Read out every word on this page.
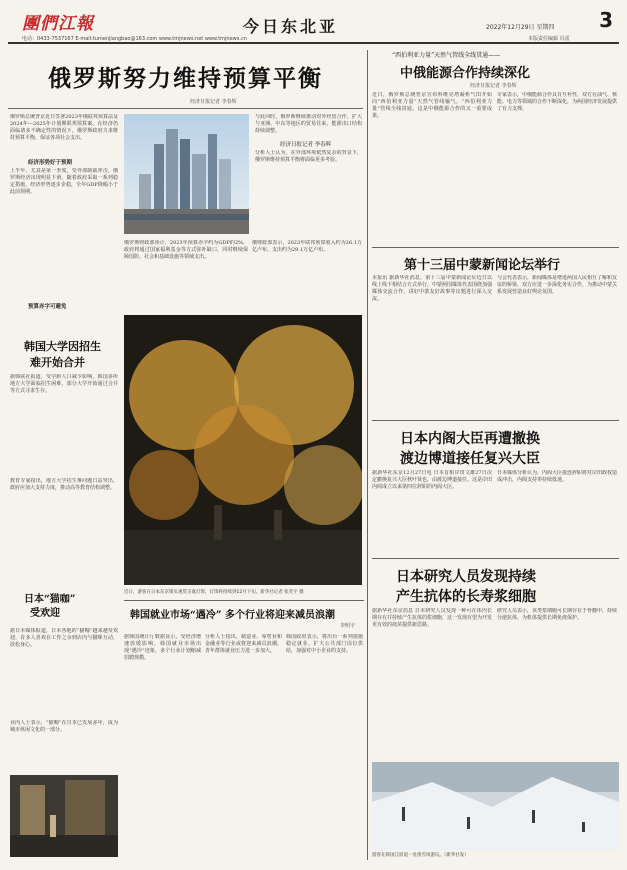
團們江報
电话：0433-7537167 E-mail:tumenjiangbao@163.com www.tmjnews.net www.tmjnews.cn
今日东北亚	2022年12月29日 星期四
本版责任编辑 冯雷
3
俄罗斯努力维持预算平衡
经济日报记者 李春辉
俄罗斯总统普京近日签署2023年俄联邦预算法及2024年—2025年计划期联邦预算案。在经济仍面临诸多不确定性的情况下，俄罗斯政府力求维持预算平衡，保证各项社会支出。
经济形势好于预期
上半年，尤其是第一季度，受外部制裁冲击，俄罗斯经济出现明显下滑。随着政府采取一系列稳定措施，经济形势逐步企稳，全年GDP降幅小于此前预期。
预算赤字可避免
俄罗斯财政部预计，2023年预算赤字约为GDP的2%，政府将通过国家福利基金等方式弥补缺口，同时继续保障国防、社会和基础设施等领域支出。
俄财政部表示，2023年联邦预算收入约为26.1万亿卢布，支出约为29.1万亿卢布。
与此同时，俄罗斯继续推动对外经贸合作，扩大与亚洲、中东等地区的贸易往来，能源出口结构持续调整。
经济日报记者 李春辉
分析人士认为，在外部环境依然复杂的背景下，俄罗斯维持预算平衡将面临更多考验。
韩国大学因招生
难开始合并
据韩联社报道，受学龄人口减少影响，韩国多所地方大学面临招生困难，部分大学开始通过合并等方式寻求生存。
教育专家指出，地方大学招生难问题日益突出，政府应加大支持力度，推动高等教育结构调整。
近日，游客在日本东京街头观赏圣诞灯饰，灯饰将持续到12月下旬。新华社记者 张笑宇 摄
日本“猫咖”
受欢迎
据日本媒体报道，日本各地的“猫咖”越来越受欢迎，许多人喜欢在工作之余到店内与猫咪互动，放松身心。
业内人士表示，“猫咖”在日本已发展多年，成为城市休闲文化的一部分。
韩国就业市场“遇冷” 多个行业将迎来减员浪潮
李明宇
据韩国统计厅数据显示，受经济增速放缓影响，韩国就业市场出现“遇冷”迹象，多个行业计划缩减招聘规模。
分析人士指出，制造业、零售业和金融业等行业或将迎来减员浪潮，青年群体就业压力进一步加大。
韩国政府表示，将出台一系列措施稳定就业，扩大公共部门岗位供给，加强对中小企业的支持。
“西伯利亚力量”天然气管线全线贯通——
中俄能源合作持续深化
经济日报记者 李春辉
近日，俄罗斯总统普京宣布科维克塔凝析气田开始向“西伯利亚力量”天然气管线输气，“西伯利亚力量”管线全线贯通。这是中俄能源合作的又一重要成果。
专家表示，中俄能源合作具有互补性，双方在油气、核能、电力等领域的合作不断深化，为两国经济发展提供了有力支撑。
第十三届中蒙新闻论坛举行
本报讯 据新华社消息，第十三届中蒙新闻论坛近日以线上线下相结合方式举行，中蒙两国媒体代表围绕加强媒体交流合作、讲好中蒙友好故事等议题进行深入交流。
与会代表表示，新闻媒体是增进两国人民相互了解和友谊的桥梁，双方应进一步深化务实合作，为推动中蒙关系发展营造良好舆论氛围。
日本内阁大臣再遭撤换
渡边博道接任复兴大臣
据新华社东京12月27日电 日本首相岸田文雄27日决定撤换复兴大臣秋叶贤也，由渡边博道接任。这是岸田内阁成立以来第四位辞职的内阁大臣。
日本媒体分析认为，内阁大臣接连辞职将对岸田政权造成冲击，内阁支持率持续低迷。
日本研究人员发现持续
产生抗体的长寿浆细胞
据新华社东京消息 日本研究人员发现一种可在体内长期存在并持续产生抗体的浆细胞，这一发现有望为开发更有效的疫苗提供新思路。
研究人员表示，该类浆细胞可长期存在于骨髓中，持续分泌抗体，为机体提供长期免疫保护。
游客在韩国江原道一处滑雪场游玩。（新华社发）
